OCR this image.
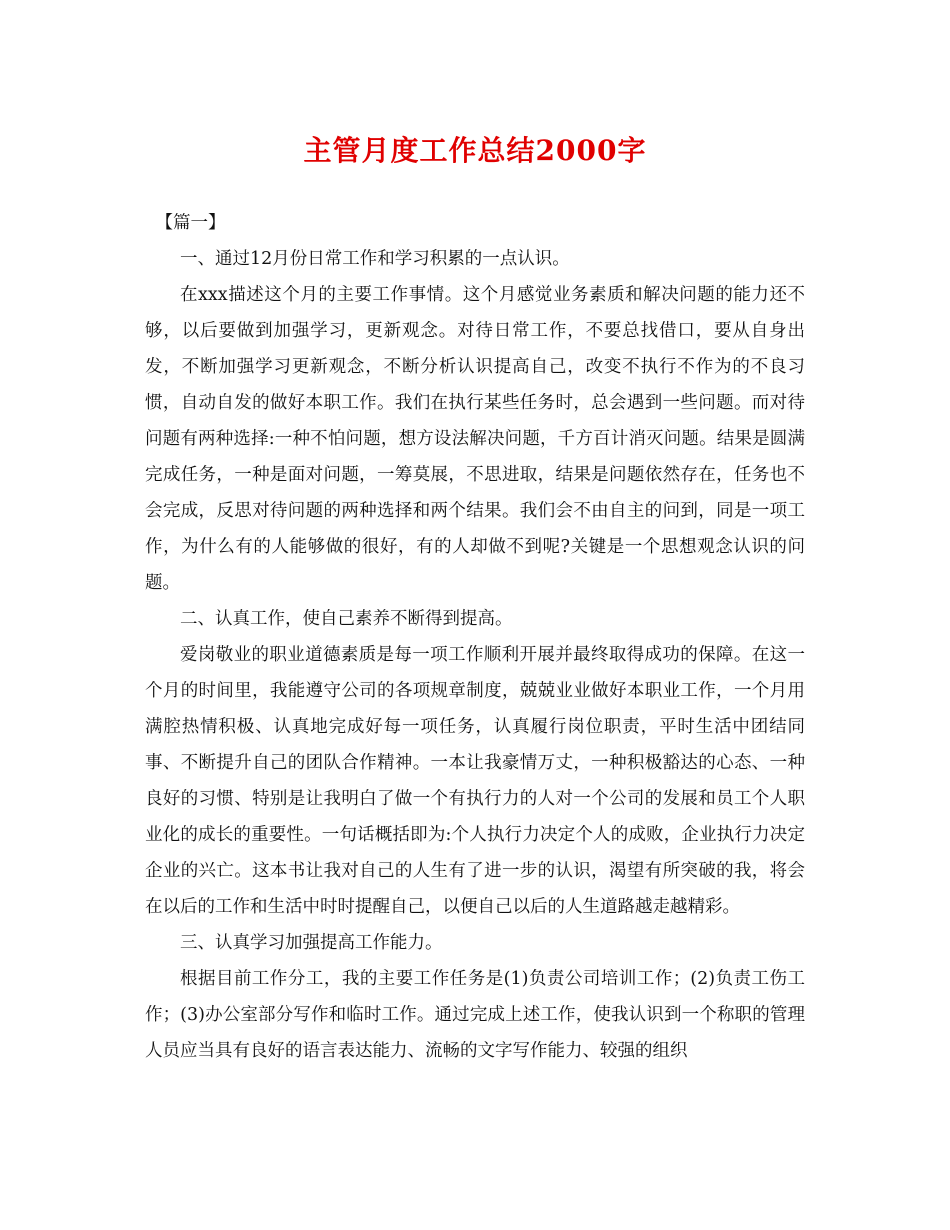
主管月度工作总结2000字

【篇一】

一、通过12月份日常工作和学习积累的一点认识。

在xxx描述这个月的主要工作事情。这个月感觉业务素质和解决问题的能力还不够，以后要做到加强学习，更新观念。对待日常工作，不要总找借口，要从自身出发，不断加强学习更新观念，不断分析认识提高自己，改变不执行不作为的不良习惯，自动自发的做好本职工作。我们在执行某些任务时，总会遇到一些问题。而对待问题有两种选择:一种不怕问题，想方设法解决问题，千方百计消灭问题。结果是圆满完成任务，一种是面对问题，一筹莫展，不思进取，结果是问题依然存在，任务也不会完成，反思对待问题的两种选择和两个结果。我们会不由自主的问到，同是一项工作，为什么有的人能够做的很好，有的人却做不到呢?关键是一个思想观念认识的问题。

二、认真工作，使自己素养不断得到提高。

爱岗敬业的职业道德素质是每一项工作顺利开展并最终取得成功的保障。在这一个月的时间里，我能遵守公司的各项规章制度，兢兢业业做好本职业工作，一个月用满腔热情积极、认真地完成好每一项任务，认真履行岗位职责，平时生活中团结同事、不断提升自己的团队合作精神。一本让我豪情万丈，一种积极豁达的心态、一种良好的习惯、特别是让我明白了做一个有执行力的人对一个公司的发展和员工个人职业化的成长的重要性。一句话概括即为:个人执行力决定个人的成败，企业执行力决定企业的兴亡。这本书让我对自己的人生有了进一步的认识，渴望有所突破的我，将会在以后的工作和生活中时时提醒自己，以便自己以后的人生道路越走越精彩。

三、认真学习加强提高工作能力。

根据目前工作分工，我的主要工作任务是(1)负责公司培训工作；(2)负责工伤工作；(3)办公室部分写作和临时工作。通过完成上述工作，使我认识到一个称职的管理人员应当具有良好的语言表达能力、流畅的文字写作能力、较强的组织
